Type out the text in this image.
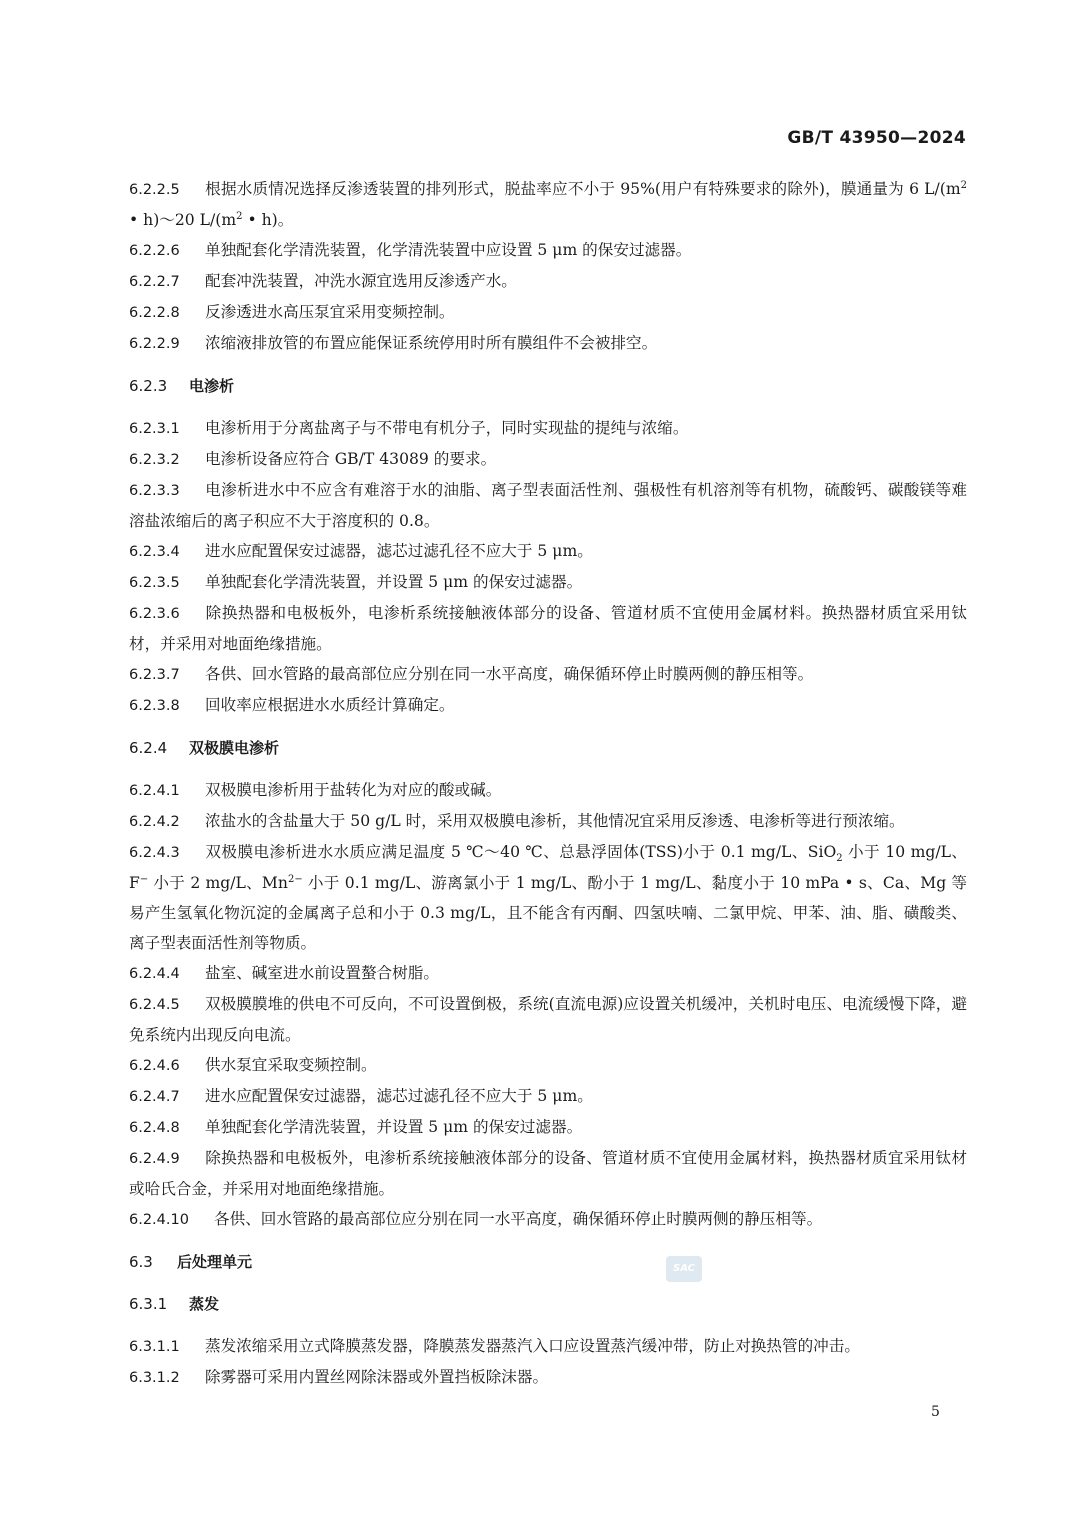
GB/T 43950—2024

6.2.2.5 根据水质情况选择反渗透装置的排列形式，脱盐率应不小于 95%(用户有特殊要求的除外)，膜通量为 6 $L/(m^2$ • h)～20 $L/(m^2$ • h)。

6.2.2.6 单独配套化学清洗装置，化学清洗装置中应设置 5 μm 的保安过滤器。

6.2.2.7 配套冲洗装置，冲洗水源宜选用反渗透产水。

6.2.2.8 反渗透进水高压泵宜采用变频控制。

6.2.2.9 浓缩液排放管的布置应能保证系统停用时所有膜组件不会被排空。

6.2.3 电渗析

6.2.3.1 电渗析用于分离盐离子与不带电有机分子，同时实现盐的提纯与浓缩。

6.2.3.2 电渗析设备应符合 GB/T 43089 的要求。

6.2.3.3 电渗析进水中不应含有难溶于水的油脂、离子型表面活性剂、强极性有机溶剂等有机物，硫酸钙、碳酸镁等难溶盐浓缩后的离子积应不大于溶度积的 0.8。

6.2.3.4 进水应配置保安过滤器，滤芯过滤孔径不应大于 5 μm。

6.2.3.5 单独配套化学清洗装置，并设置 5 μm 的保安过滤器。

6.2.3.6 除换热器和电极板外，电渗析系统接触液体部分的设备、管道材质不宜使用金属材料。换热器材质宜采用钛材，并采用对地面绝缘措施。

6.2.3.7 各供、回水管路的最高部位应分别在同一水平高度，确保循环停止时膜两侧的静压相等。

6.2.3.8 回收率应根据进水水质经计算确定。

6.2.4 双极膜电渗析

6.2.4.1 双极膜电渗析用于盐转化为对应的酸或碱。

6.2.4.2 浓盐水的含盐量大于 50 g/L 时，采用双极膜电渗析，其他情况宜采用反渗透、电渗析等进行预浓缩。

6.2.4.3 双极膜电渗析进水水质应满足温度 5 ℃～40 ℃、总悬浮固体(TSS)小于 0.1 mg/L、SiO$_2$ 小于 10 mg/L、F− 小于 2 mg/L、$Mn^{2-}$ 小于 0.1 mg/L、游离氯小于 1 mg/L、酚小于 1 mg/L、黏度小于 10 mPa • s、Ca、Mg 等易产生氢氧化物沉淀的金属离子总和小于 0.3 mg/L，且不能含有丙酮、四氢呋喃、二氯甲烷、甲苯、油、脂、磺酸类、离子型表面活性剂等物质。

6.2.4.4 盐室、碱室进水前设置螯合树脂。

6.2.4.5 双极膜膜堆的供电不可反向，不可设置倒极，系统(直流电源)应设置关机缓冲，关机时电压、电流缓慢下降，避免系统内出现反向电流。

6.2.4.6 供水泵宜采取变频控制。

6.2.4.7 进水应配置保安过滤器，滤芯过滤孔径不应大于 5 μm。

6.2.4.8 单独配套化学清洗装置，并设置 5 μm 的保安过滤器。

6.2.4.9 除换热器和电极板外，电渗析系统接触液体部分的设备、管道材质不宜使用金属材料，换热器材质宜采用钛材或哈氏合金，并采用对地面绝缘措施。

6.2.4.10 各供、回水管路的最高部位应分别在同一水平高度，确保循环停止时膜两侧的静压相等。

6.3 后处理单元

6.3.1 蒸发

6.3.1.1 蒸发浓缩采用立式降膜蒸发器，降膜蒸发器蒸汽入口应设置蒸汽缓冲带，防止对换热管的冲击。

6.3.1.2 除雾器可采用内置丝网除沫器或外置挡板除沫器。

SAC
5
